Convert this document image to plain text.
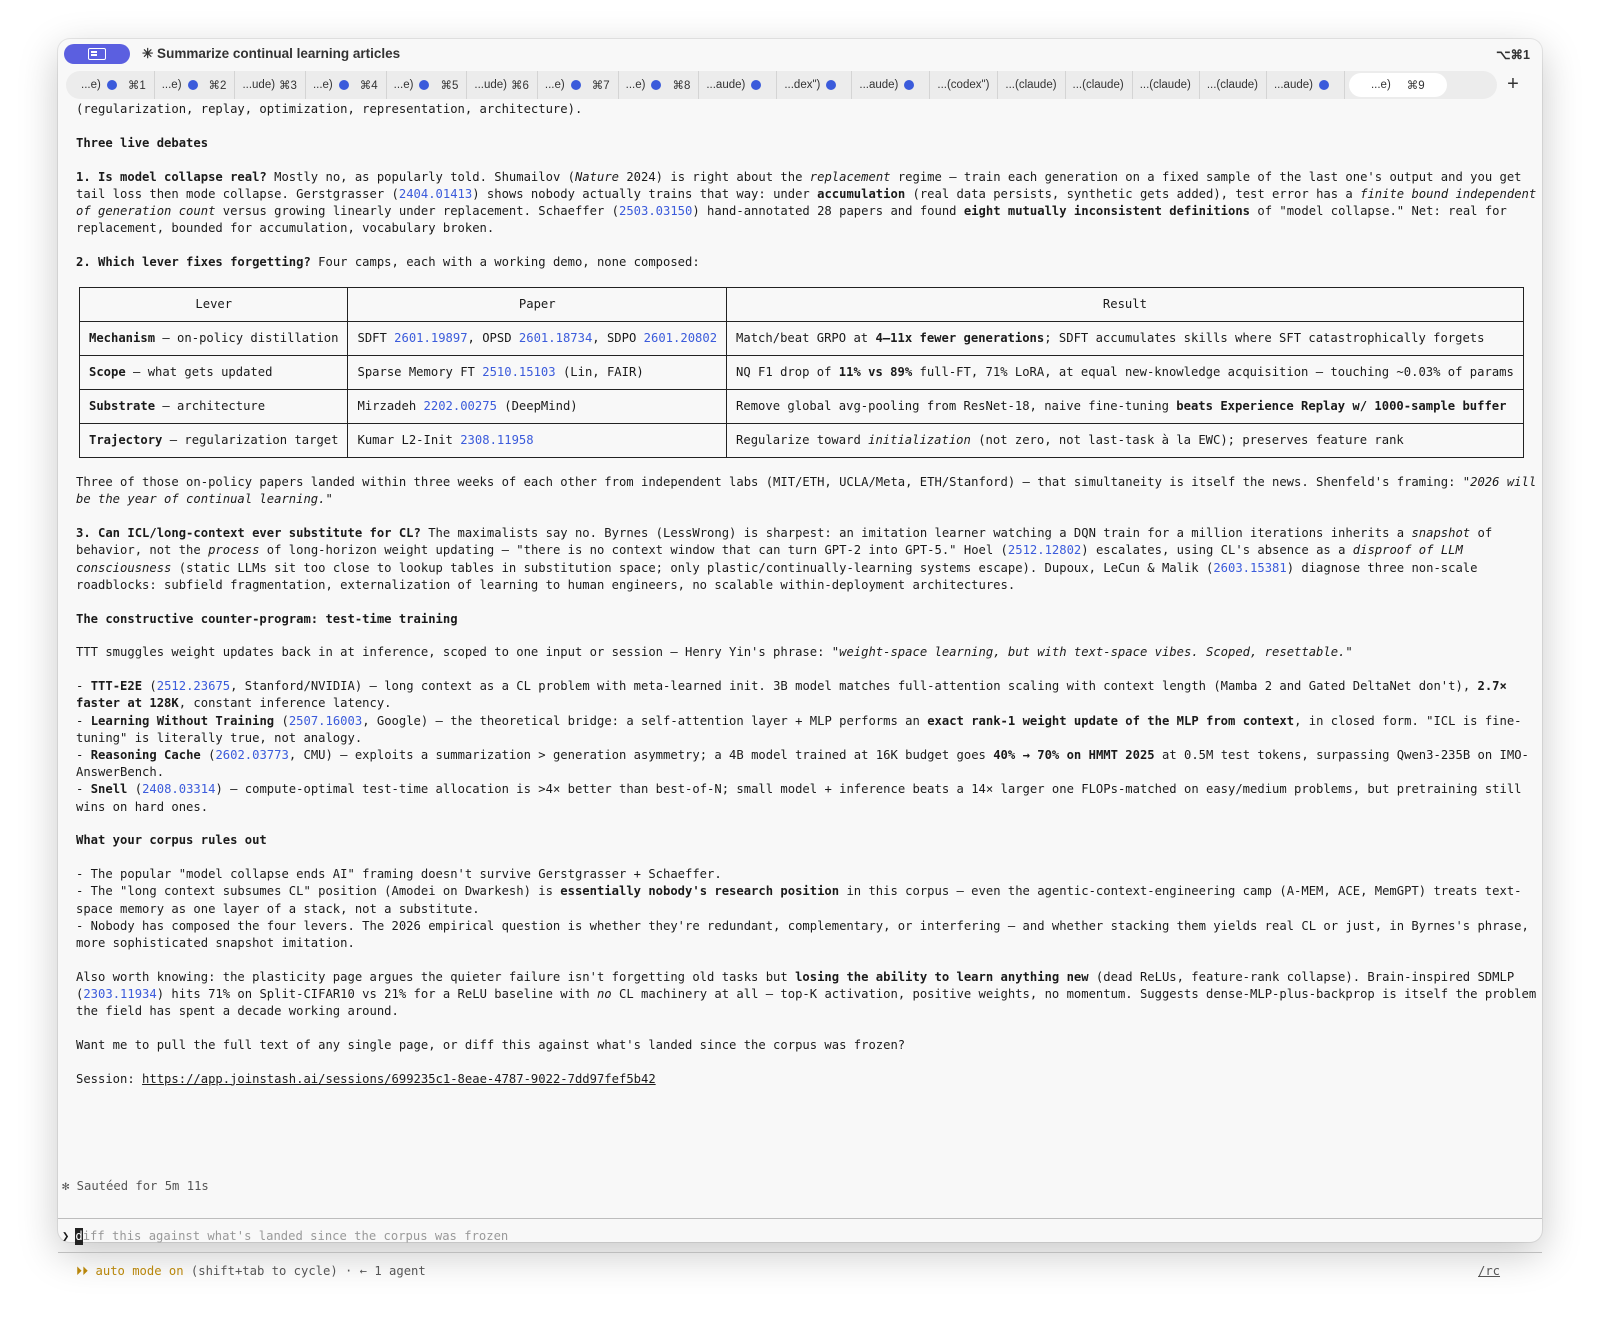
✳ Summarize continual learning articles	⌥⌘1
...e) ⌘1 ...e) ⌘2 ...ude) ⌘3 ...e) ⌘4 ...e) ⌘5 ...ude) ⌘6 ...e) ⌘7 ...e) ⌘8 ...aude)	...dex")	...aude)	...(codex") ...(claude) ...(claude) ...(claude) ...(claude) ...aude)	...e) ⌘9	+

(regularization, replay, optimization, representation, architecture).

Three live debates

1. Is model collapse real? Mostly no, as popularly told. Shumailov (Nature 2024) is right about the replacement regime — train each generation on a fixed sample of the last one's output and you get tail loss then mode collapse. Gerstgrasser (2404.01413) shows nobody actually trains that way: under accumulation (real data persists, synthetic gets added), test error has a finite bound independent of generation count versus growing linearly under replacement. Schaeffer (2503.03150) hand-annotated 28 papers and found eight mutually inconsistent definitions of "model collapse." Net: real for replacement, bounded for accumulation, vocabulary broken.

2. Which lever fixes forgetting? Four camps, each with a working demo, none composed:

Lever	Paper	Result
Mechanism — on-policy distillation	SDFT 2601.19897, OPSD 2601.18734, SDPO 2601.20802	Match/beat GRPO at 4–11x fewer generations; SDFT accumulates skills where SFT catastrophically forgets
Scope — what gets updated	Sparse Memory FT 2510.15103 (Lin, FAIR)	NQ F1 drop of 11% vs 89% full-FT, 71% LoRA, at equal new-knowledge acquisition — touching ~0.03% of params
Substrate — architecture	Mirzadeh 2202.00275 (DeepMind)	Remove global avg-pooling from ResNet-18, naive fine-tuning beats Experience Replay w/ 1000-sample buffer
Trajectory — regularization target	Kumar L2-Init 2308.11958	Regularize toward initialization (not zero, not last-task à la EWC); preserves feature rank

Three of those on-policy papers landed within three weeks of each other from independent labs (MIT/ETH, UCLA/Meta, ETH/Stanford) — that simultaneity is itself the news. Shenfeld's framing: "2026 will be the year of continual learning."

3. Can ICL/long-context ever substitute for CL? The maximalists say no. Byrnes (LessWrong) is sharpest: an imitation learner watching a DQN train for a million iterations inherits a snapshot of behavior, not the process of long-horizon weight updating — "there is no context window that can turn GPT-2 into GPT-5." Hoel (2512.12802) escalates, using CL's absence as a disproof of LLM consciousness (static LLMs sit too close to lookup tables in substitution space; only plastic/continually-learning systems escape). Dupoux, LeCun & Malik (2603.15381) diagnose three non-scale roadblocks: subfield fragmentation, externalization of learning to human engineers, no scalable within-deployment architectures.

The constructive counter-program: test-time training

TTT smuggles weight updates back in at inference, scoped to one input or session — Henry Yin's phrase: "weight-space learning, but with text-space vibes. Scoped, resettable."

- TTT-E2E (2512.23675, Stanford/NVIDIA) — long context as a CL problem with meta-learned init. 3B model matches full-attention scaling with context length (Mamba 2 and Gated DeltaNet don't), 2.7× faster at 128K, constant inference latency.

- Learning Without Training (2507.16003, Google) — the theoretical bridge: a self-attention layer + MLP performs an exact rank-1 weight update of the MLP from context, in closed form. "ICL is fine-tuning" is literally true, not analogy.

- Reasoning Cache (2602.03773, CMU) — exploits a summarization > generation asymmetry; a 4B model trained at 16K budget goes 40% → 70% on HMMT 2025 at 0.5M test tokens, surpassing Qwen3-235B on IMO-AnswerBench.

- Snell (2408.03314) — compute-optimal test-time allocation is >4× better than best-of-N; small model + inference beats a 14× larger one FLOPs-matched on easy/medium problems, but pretraining still wins on hard ones.

What your corpus rules out

- The popular "model collapse ends AI" framing doesn't survive Gerstgrasser + Schaeffer.

- The "long context subsumes CL" position (Amodei on Dwarkesh) is essentially nobody's research position in this corpus — even the agentic-context-engineering camp (A-MEM, ACE, MemGPT) treats text-space memory as one layer of a stack, not a substitute.

- Nobody has composed the four levers. The 2026 empirical question is whether they're redundant, complementary, or interfering — and whether stacking them yields real CL or just, in Byrnes's phrase, more sophisticated snapshot imitation.

Also worth knowing: the plasticity page argues the quieter failure isn't forgetting old tasks but losing the ability to learn anything new (dead ReLUs, feature-rank collapse). Brain-inspired SDMLP (2303.11934) hits 71% on Split-CIFAR10 vs 21% for a ReLU baseline with no CL machinery at all — top-K activation, positive weights, no momentum. Suggests dense-MLP-plus-backprop is itself the problem the field has spent a decade working around.

Want me to pull the full text of any single page, or diff this against what's landed since the corpus was frozen?

Session: https://app.joinstash.ai/sessions/699235c1-8eae-4787-9022-7dd97fef5b42

✻ Sautéed for 5m 11s
❯ d iff this against what's landed since the corpus was frozen
⏵⏵ auto mode on (shift+tab to cycle) · ← 1 agent	/rc
